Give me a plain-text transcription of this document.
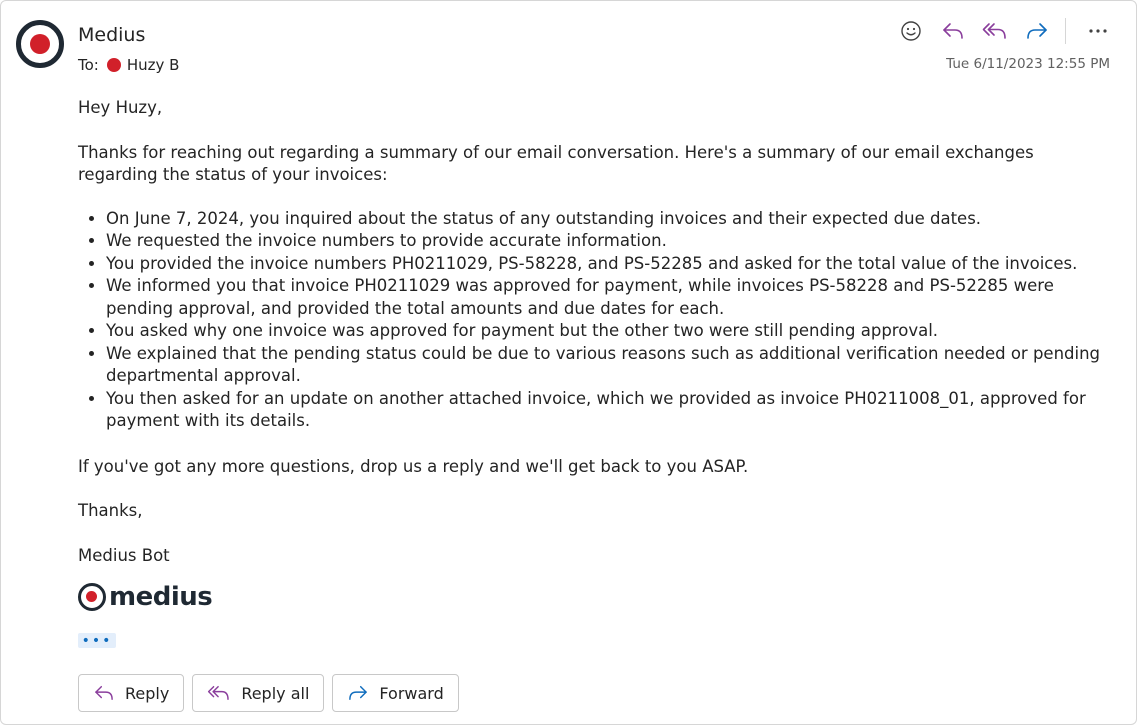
Medius
To: Huzy B	Tue 6/11/2023 12:55 PM

Hey Huzy,

Thanks for reaching out regarding a summary of our email conversation. Here's a summary of our email exchanges regarding the status of your invoices:

• On June 7, 2024, you inquired about the status of any outstanding invoices and their expected due dates.
• We requested the invoice numbers to provide accurate information.
• You provided the invoice numbers PH0211029, PS-58228, and PS-52285 and asked for the total value of the invoices.
• We informed you that invoice PH0211029 was approved for payment, while invoices PS-58228 and PS-52285 were pending approval, and provided the total amounts and due dates for each.
• You asked why one invoice was approved for payment but the other two were still pending approval.
• We explained that the pending status could be due to various reasons such as additional verification needed or pending departmental approval.
• You then asked for an update on another attached invoice, which we provided as invoice PH0211008_01, approved for payment with its details.

If you've got any more questions, drop us a reply and we'll get back to you ASAP.

Thanks,

Medius Bot

medius
•••
Reply	Reply all	Forward
